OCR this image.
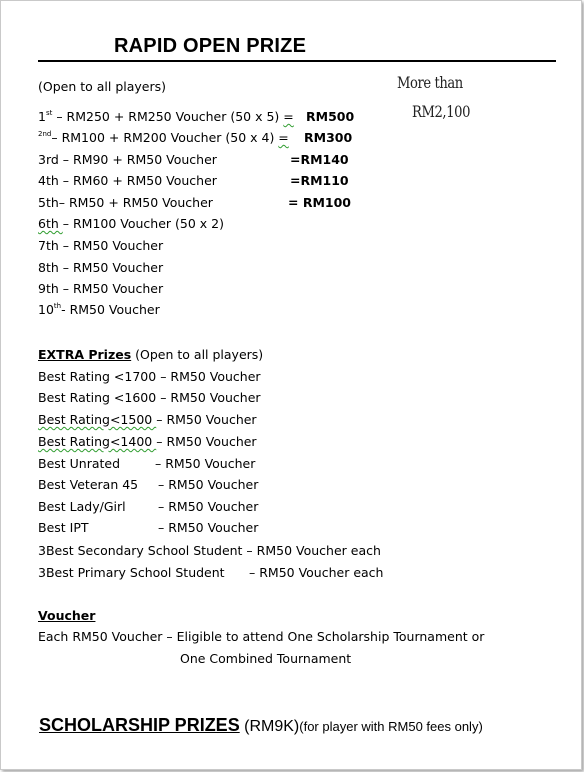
RAPID OPEN PRIZE
More than
RM2,100
(Open to all players)
1st – RM250 + RM250 Voucher (50 x 5) = RM500
$^{2nd}$– RM100 + RM200 Voucher (50 x 4) = RM300
3rd – RM90 + RM50 Voucher	=RM140
4th – RM60 + RM50 Voucher	=RM110
5th– RM50 + RM50 Voucher	= RM100
6th – RM100 Voucher (50 x 2)
7th – RM50 Voucher
8th – RM50 Voucher
9th – RM50 Voucher
10th- RM50 Voucher
EXTRA Prizes (Open to all players)
Best Rating <1700 – RM50 Voucher
Best Rating <1600 – RM50 Voucher
Best Rating<1500 – RM50 Voucher
Best Rating<1400 – RM50 Voucher
Best Unrated	– RM50 Voucher
Best Veteran 45 – RM50 Voucher
Best Lady/Girl	– RM50 Voucher
Best IPT	– RM50 Voucher
3Best Secondary School Student – RM50 Voucher each
3Best Primary School Student – RM50 Voucher each
Voucher
Each RM50 Voucher – Eligible to attend One Scholarship Tournament or
One Combined Tournament
SCHOLARSHIP PRIZES (RM9K)(for player with RM50 fees only)
